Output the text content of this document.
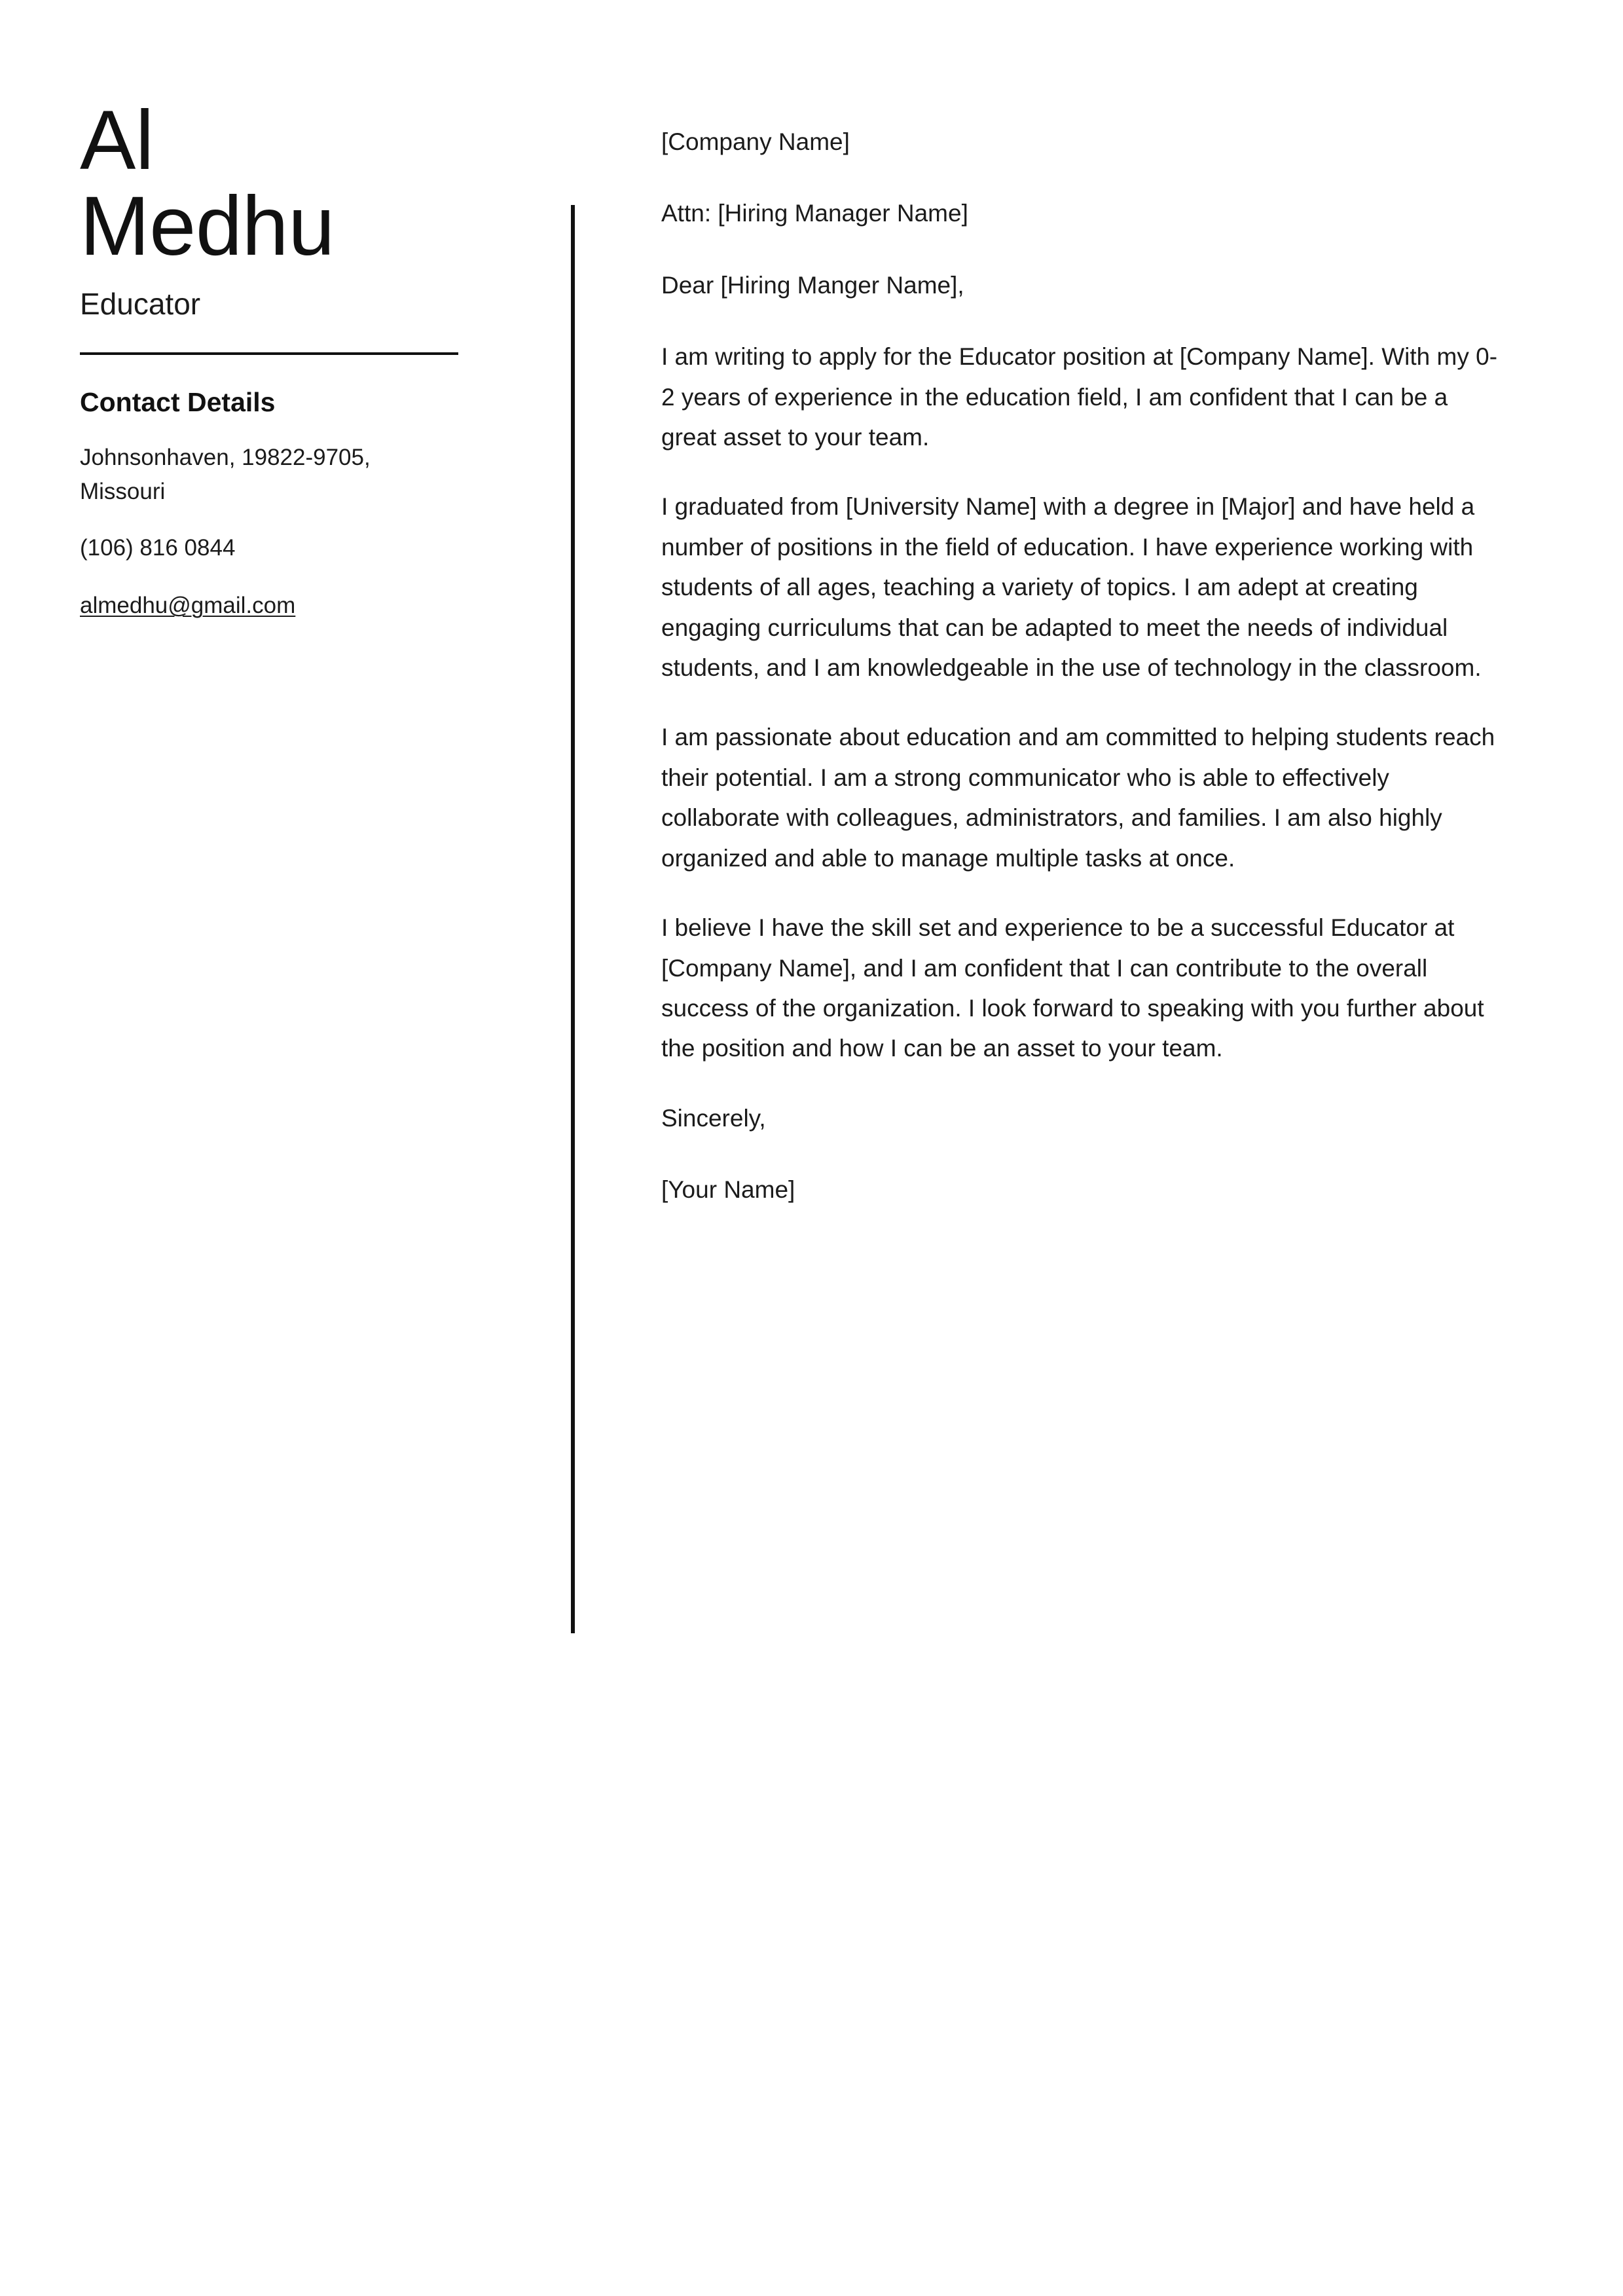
Al
Medhu
Educator
Contact Details
Johnsonhaven, 19822-9705, Missouri
(106) 816 0844
almedhu@gmail.com

[Company Name]

Attn: [Hiring Manager Name]

Dear [Hiring Manger Name],

I am writing to apply for the Educator position at [Company Name]. With my 0-2 years of experience in the education field, I am confident that I can be a great asset to your team.

I graduated from [University Name] with a degree in [Major] and have held a number of positions in the field of education. I have experience working with students of all ages, teaching a variety of topics. I am adept at creating engaging curriculums that can be adapted to meet the needs of individual students, and I am knowledgeable in the use of technology in the classroom.

I am passionate about education and am committed to helping students reach their potential. I am a strong communicator who is able to effectively collaborate with colleagues, administrators, and families. I am also highly organized and able to manage multiple tasks at once.

I believe I have the skill set and experience to be a successful Educator at [Company Name], and I am confident that I can contribute to the overall success of the organization. I look forward to speaking with you further about the position and how I can be an asset to your team.

Sincerely,

[Your Name]
